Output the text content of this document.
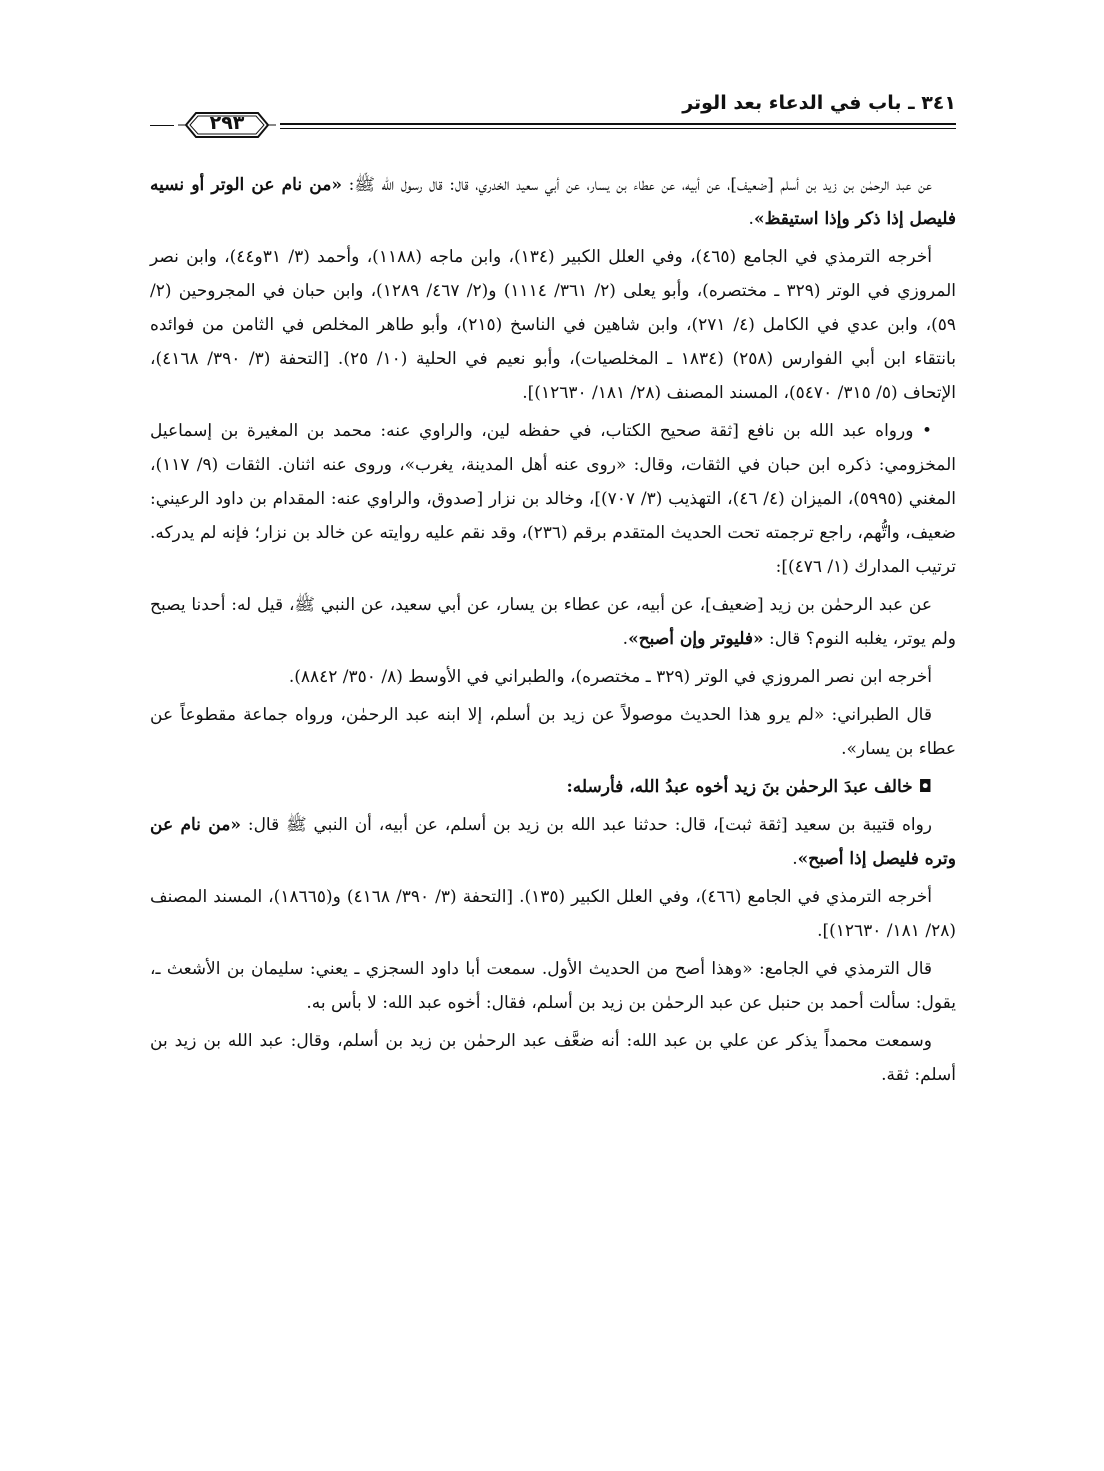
٣٤١ ـ باب في الدعاء بعد الوتر
٢٩٣

عن عبد الرحمٰن بن زيد بن أسلم [ضعيف]، عن أبيه، عن عطاء بن يسار، عن أبي سعيد الخدري، قال: قال رسول الله ﷺ: «من نام عن الوتر أو نسيه فليصل إذا ذكر وإذا استيقظ».

أخرجه الترمذي في الجامع (٤٦٥)، وفي العلل الكبير (١٣٤)، وابن ماجه (١١٨٨)، وأحمد (٣/ ٣١و٤٤)، وابن نصر المروزي في الوتر (٣٢٩ ـ مختصره)، وأبو يعلى (٢/ ٣٦١/ ١١١٤) و(٢/ ٤٦٧/ ١٢٨٩)، وابن حبان في المجروحين (٢/ ٥٩)، وابن عدي في الكامل (٤/ ٢٧١)، وابن شاهين في الناسخ (٢١٥)، وأبو طاهر المخلص في الثامن من فوائده بانتقاء ابن أبي الفوارس (٢٥٨) (١٨٣٤ ـ المخلصيات)، وأبو نعيم في الحلية (١٠/ ٢٥). [التحفة (٣/ ٣٩٠/ ٤١٦٨)، الإتحاف (٥/ ٣١٥/ ٥٤٧٠)، المسند المصنف (٢٨/ ١٨١/ ١٢٦٣٠)].

• ورواه عبد الله بن نافع [ثقة صحيح الكتاب، في حفظه لين، والراوي عنه: محمد بن المغيرة بن إسماعيل المخزومي: ذكره ابن حبان في الثقات، وقال: «روى عنه أهل المدينة، يغرب»، وروى عنه اثنان. الثقات (٩/ ١١٧)، المغني (٥٩٩٥)، الميزان (٤/ ٤٦)، التهذيب (٣/ ٧٠٧)]، وخالد بن نزار [صدوق، والراوي عنه: المقدام بن داود الرعيني: ضعيف، واتُّهم، راجع ترجمته تحت الحديث المتقدم برقم (٢٣٦)، وقد نقم عليه روايته عن خالد بن نزار؛ فإنه لم يدركه. ترتيب المدارك (١/ ٤٧٦)]:

عن عبد الرحمٰن بن زيد [ضعيف]، عن أبيه، عن عطاء بن يسار، عن أبي سعيد، عن النبي ﷺ، قيل له: أحدنا يصبح ولم يوتر، يغلبه النوم؟ قال: «فليوتر وإن أصبح».

أخرجه ابن نصر المروزي في الوتر (٣٢٩ ـ مختصره)، والطبراني في الأوسط (٨/ ٣٥٠/ ٨٨٤٢).

قال الطبراني: «لم يرو هذا الحديث موصولاً عن زيد بن أسلم، إلا ابنه عبد الرحمٰن، ورواه جماعة مقطوعاً عن عطاء بن يسار».

◘ خالف عبدَ الرحمٰن بنَ زيد أخوه عبدُ الله، فأرسله:

رواه قتيبة بن سعيد [ثقة ثبت]، قال: حدثنا عبد الله بن زيد بن أسلم، عن أبيه، أن النبي ﷺ قال: «من نام عن وتره فليصل إذا أصبح».

أخرجه الترمذي في الجامع (٤٦٦)، وفي العلل الكبير (١٣٥). [التحفة (٣/ ٣٩٠/ ٤١٦٨) و(١٨٦٦٥)، المسند المصنف (٢٨/ ١٨١/ ١٢٦٣٠)].

قال الترمذي في الجامع: «وهذا أصح من الحديث الأول. سمعت أبا داود السجزي ـ يعني: سليمان بن الأشعث ـ، يقول: سألت أحمد بن حنبل عن عبد الرحمٰن بن زيد بن أسلم، فقال: أخوه عبد الله: لا بأس به.

وسمعت محمداً يذكر عن علي بن عبد الله: أنه ضعَّف عبد الرحمٰن بن زيد بن أسلم، وقال: عبد الله بن زيد بن أسلم: ثقة.
